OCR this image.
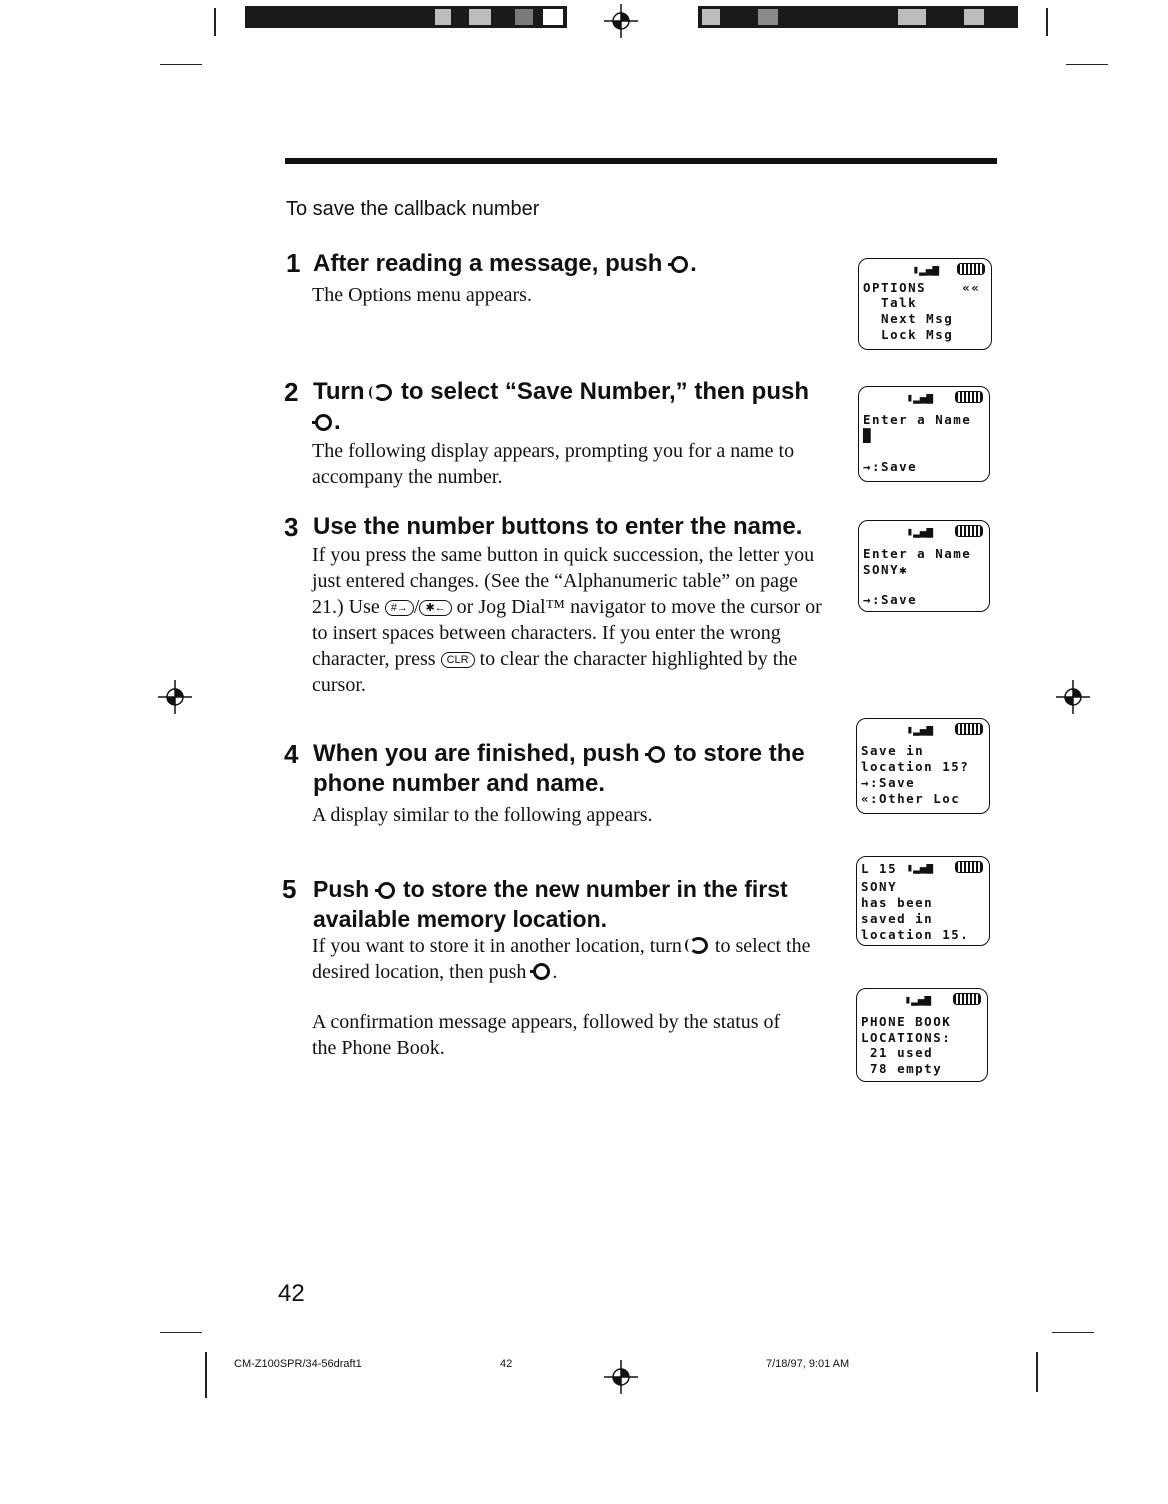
To save the callback number
1 After reading a message, push .
The Options menu appears.
2 Turn to select “Save Number,” then push .
The following display appears, prompting you for a name to accompany the number.
3 Use the number buttons to enter the name.
If you press the same button in quick succession, the letter you just entered changes. (See the “Alphanumeric table” on page 21.) Use #→ / ✱← or Jog Dial™ navigator to move the cursor or to insert spaces between characters. If you enter the wrong character, press CLR to clear the character highlighted by the cursor.
4 When you are finished, push to store the phone number and name.
A display similar to the following appears.
5 Push to store the new number in the first available memory location.
If you want to store it in another location, turn to select the desired location, then push .
A confirmation message appears, followed by the status of the Phone Book.
▮▂▄▆
OPTIONS    ««
Talk
Next Msg
Lock Msg
▮▂▄▆
Enter a Name
█
→:Save
▮▂▄▆
Enter a Name
SONY✱
→:Save
▮▂▄▆
Save in
location 15?
→:Save
«:Other Loc
L 15 ▮▂▄▆
SONY
has been
saved in
location 15.
▮▂▄▆
PHONE BOOK
LOCATIONS:
21 used
78 empty
42
CM-Z100SPR/34-56draft1	42	7/18/97, 9:01 AM
